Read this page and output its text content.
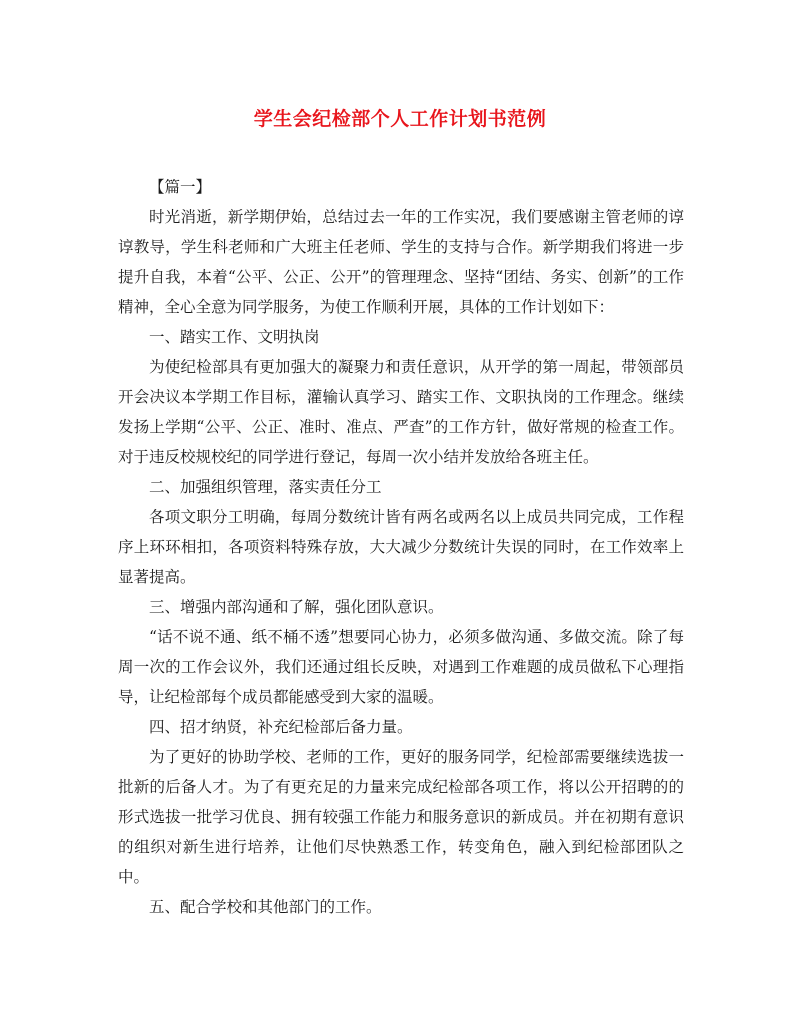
学生会纪检部个人工作计划书范例

【篇一】

时光消逝，新学期伊始，总结过去一年的工作实况，我们要感谢主管老师的谆谆教导，学生科老师和广大班主任老师、学生的支持与合作。新学期我们将进一步提升自我，本着“公平、公正、公开”的管理理念、坚持“团结、务实、创新”的工作精神，全心全意为同学服务，为使工作顺利开展，具体的工作计划如下：

一、踏实工作、文明执岗

为使纪检部具有更加强大的凝聚力和责任意识，从开学的第一周起，带领部员开会决议本学期工作目标，灌输认真学习、踏实工作、文职执岗的工作理念。继续发扬上学期“公平、公正、准时、准点、严查”的工作方针，做好常规的检查工作。对于违反校规校纪的同学进行登记，每周一次小结并发放给各班主任。

二、加强组织管理，落实责任分工

各项文职分工明确，每周分数统计皆有两名或两名以上成员共同完成，工作程序上环环相扣，各项资料特殊存放，大大减少分数统计失误的同时，在工作效率上显著提高。

三、增强内部沟通和了解，强化团队意识。

“话不说不通、纸不桶不透”想要同心协力，必须多做沟通、多做交流。除了每周一次的工作会议外，我们还通过组长反映，对遇到工作难题的成员做私下心理指导，让纪检部每个成员都能感受到大家的温暖。

四、招才纳贤，补充纪检部后备力量。

为了更好的协助学校、老师的工作，更好的服务同学，纪检部需要继续选拔一批新的后备人才。为了有更充足的力量来完成纪检部各项工作，将以公开招聘的的形式选拔一批学习优良、拥有较强工作能力和服务意识的新成员。并在初期有意识的组织对新生进行培养，让他们尽快熟悉工作，转变角色，融入到纪检部团队之中。

五、配合学校和其他部门的工作。
